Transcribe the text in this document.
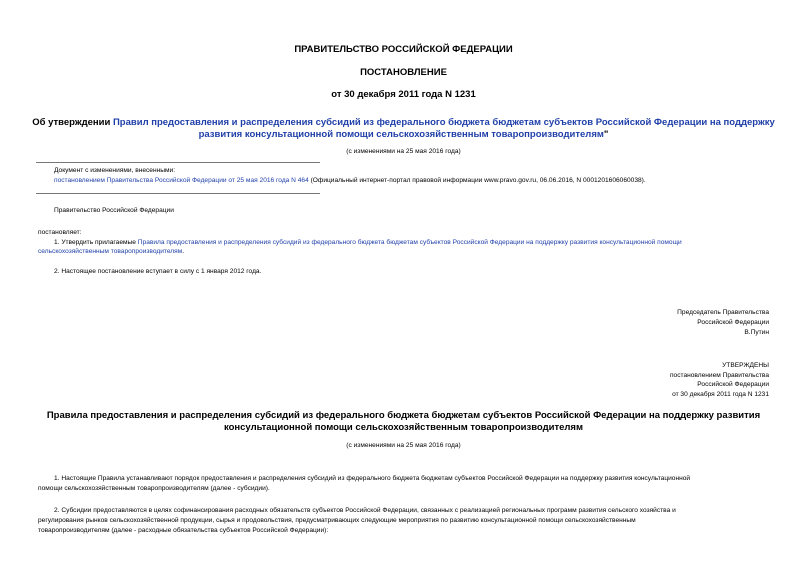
ПРАВИТЕЛЬСТВО РОССИЙСКОЙ ФЕДЕРАЦИИ
ПОСТАНОВЛЕНИЕ
от 30 декабря 2011 года N 1231
Об утверждении Правил предоставления и распределения субсидий из федерального бюджета бюджетам субъектов Российской Федерации на поддержку
развития консультационной помощи сельскохозяйственным товаропроизводителям"
(с изменениями на 25 мая 2016 года)
Документ с изменениями, внесенными:
постановлением Правительства Российской Федерации от 25 мая 2016 года N 464 (Официальный интернет-портал правовой информации www.pravo.gov.ru, 06.06.2016, N 0001201606060038).
Правительство Российской Федерации
постановляет:
1. Утвердить прилагаемые Правила предоставления и распределения субсидий из федерального бюджета бюджетам субъектов Российской Федерации на поддержку развития консультационной помощи
сельскохозяйственным товаропроизводителям.
2. Настоящее постановление вступает в силу с 1 января 2012 года.
Председатель Правительства
Российской Федерации
В.Путин
УТВЕРЖДЕНЫ
постановлением Правительства
Российской Федерации
от 30 декабря 2011 года N 1231
Правила предоставления и распределения субсидий из федерального бюджета бюджетам субъектов Российской Федерации на поддержку развития
консультационной помощи сельскохозяйственным товаропроизводителям
(с изменениями на 25 мая 2016 года)
1. Настоящие Правила устанавливают порядок предоставления и распределения субсидий из федерального бюджета бюджетам субъектов Российской Федерации на поддержку развития консультационной
помощи сельскохозяйственным товаропроизводителям (далее - субсидии).
2. Субсидии предоставляются в целях софинансирования расходных обязательств субъектов Российской Федерации, связанных с реализацией региональных программ развития сельского хозяйства и
регулирования рынков сельскохозяйственной продукции, сырья и продовольствия, предусматривающих следующие мероприятия по развитию консультационной помощи сельскохозяйственным
товаропроизводителям (далее - расходные обязательства субъектов Российской Федерации):
